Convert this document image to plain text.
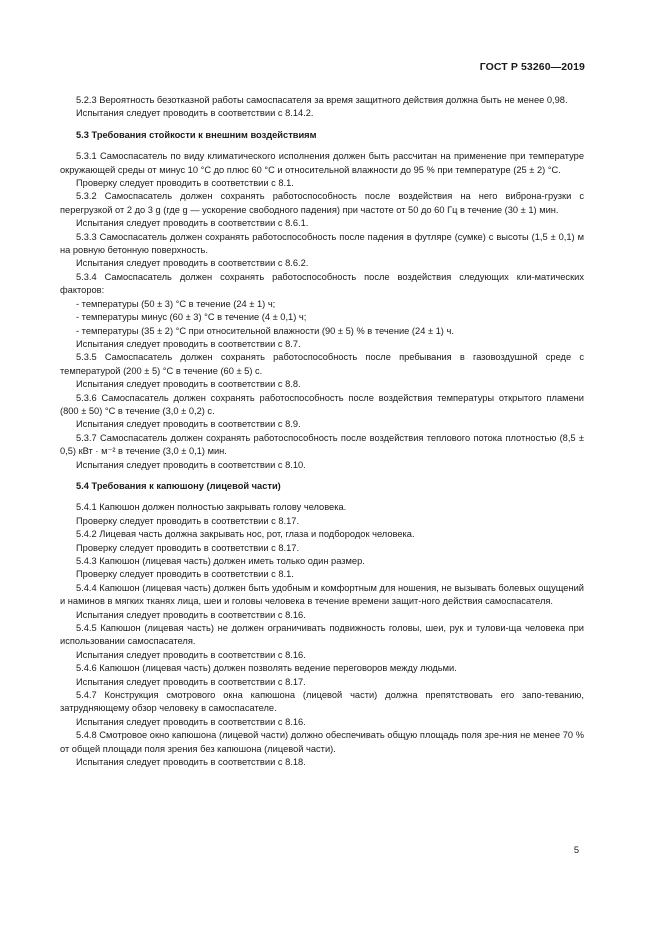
ГОСТ Р 53260—2019

5.2.3 Вероятность безотказной работы самоспасателя за время защитного действия должна быть не менее 0,98.

Испытания следует проводить в соответствии с 8.14.2.

5.3 Требования стойкости к внешним воздействиям

5.3.1 Самоспасатель по виду климатического исполнения должен быть рассчитан на применение при температуре окружающей среды от минус 10 °С до плюс 60 °С и относительной влажности до 95 % при температуре (25 ± 2) °С.

Проверку следует проводить в соответствии с 8.1.

5.3.2 Самоспасатель должен сохранять работоспособность после воздействия на него виброна-грузки с перегрузкой от 2 до 3 g (где g — ускорение свободного падения) при частоте от 50 до 60 Гц в течение (30 ± 1) мин.

Испытания следует проводить в соответствии с 8.6.1.

5.3.3 Самоспасатель должен сохранять работоспособность после падения в футляре (сумке) с высоты (1,5 ± 0,1) м на ровную бетонную поверхность.

Испытания следует проводить в соответствии с 8.6.2.

5.3.4 Самоспасатель должен сохранять работоспособность после воздействия следующих кли-матических факторов:

- температуры (50 ± 3) °С в течение (24 ± 1) ч;

- температуры минус (60 ± 3) °С в течение (4 ± 0,1) ч;

- температуры (35 ± 2) °С при относительной влажности (90 ± 5) % в течение (24 ± 1) ч.

Испытания следует проводить в соответствии с 8.7.

5.3.5 Самоспасатель должен сохранять работоспособность после пребывания в газовоздушной среде с температурой (200 ± 5) °С в течение (60 ± 5) с.

Испытания следует проводить в соответствии с 8.8.

5.3.6 Самоспасатель должен сохранять работоспособность после воздействия температуры открытого пламени (800 ± 50) °С в течение (3,0 ± 0,2) с.

Испытания следует проводить в соответствии с 8.9.

5.3.7 Самоспасатель должен сохранять работоспособность после воздействия теплового потока плотностью (8,5 ± 0,5) кВт · м⁻² в течение (3,0 ± 0,1) мин.

Испытания следует проводить в соответствии с 8.10.

5.4 Требования к капюшону (лицевой части)

5.4.1 Капюшон должен полностью закрывать голову человека.

Проверку следует проводить в соответствии с 8.17.

5.4.2 Лицевая часть должна закрывать нос, рот, глаза и подбородок человека.

Проверку следует проводить в соответствии с 8.17.

5.4.3 Капюшон (лицевая часть) должен иметь только один размер.

Проверку следует проводить в соответствии с 8.1.

5.4.4 Капюшон (лицевая часть) должен быть удобным и комфортным для ношения, не вызывать болевых ощущений и наминов в мягких тканях лица, шеи и головы человека в течение времени защит-ного действия самоспасателя.

Испытания следует проводить в соответствии с 8.16.

5.4.5 Капюшон (лицевая часть) не должен ограничивать подвижность головы, шеи, рук и тулови-ща человека при использовании самоспасателя.

Испытания следует проводить в соответствии с 8.16.

5.4.6 Капюшон (лицевая часть) должен позволять ведение переговоров между людьми.

Испытания следует проводить в соответствии с 8.17.

5.4.7 Конструкция смотрового окна капюшона (лицевой части) должна препятствовать его запо-теванию, затрудняющему обзор человеку в самоспасателе.

Испытания следует проводить в соответствии с 8.16.

5.4.8 Смотровое окно капюшона (лицевой части) должно обеспечивать общую площадь поля зре-ния не менее 70 % от общей площади поля зрения без капюшона (лицевой части).

Испытания следует проводить в соответствии с 8.18.

5
